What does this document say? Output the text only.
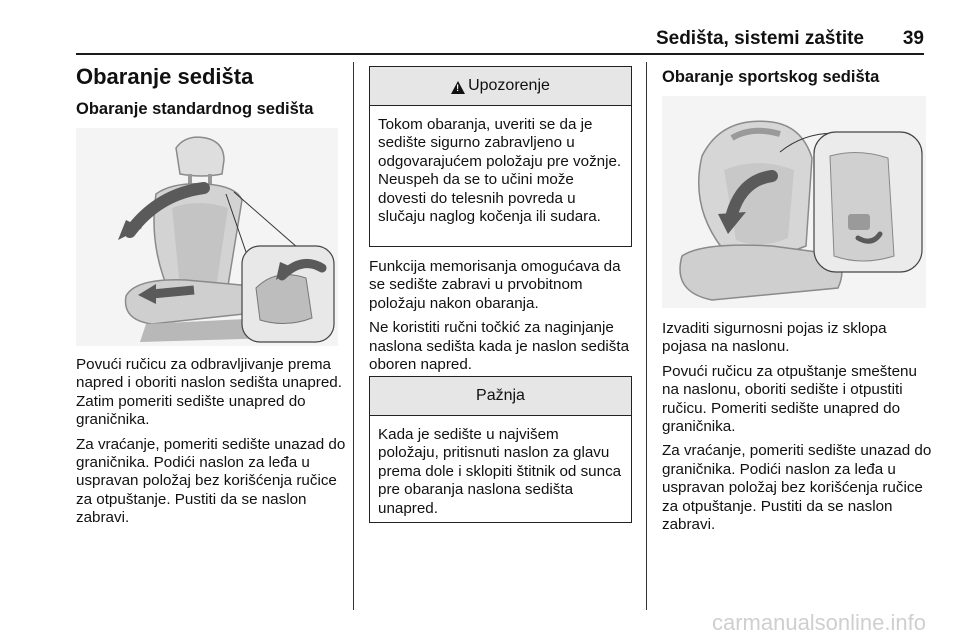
Sedišta, sistemi zaštite 39
Obaranje sedišta
Obaranje standardnog sedišta

Povući ručicu za odbravljivanje prema napred i oboriti naslon sedišta unapred. Zatim pomeriti sedište unapred do graničnika.

Za vraćanje, pomeriti sedište unazad do graničnika. Podići naslon za leđa u uspravan položaj bez korišćenja ručice za otpuštanje. Pustiti da se naslon zabravi.

! Upozorenje
Tokom obaranja, uveriti se da je sedište sigurno zabravljeno u odgovarajućem položaju pre vožnje. Neuspeh da se to učini može dovesti do telesnih povreda u slučaju naglog kočenja ili sudara.

Funkcija memorisanja omogućava da se sedište zabravi u prvobitnom položaju nakon obaranja.

Ne koristiti ručni točkić za naginjanje naslona sedišta kada je naslon sedišta oboren napred.

Pažnja
Kada je sedište u najvišem položaju, pritisnuti naslon za glavu prema dole i sklopiti štitnik od sunca pre obaranja naslona sedišta unapred.
Obaranje sportskog sedišta

Izvaditi sigurnosni pojas iz sklopa pojasa na naslonu.

Povući ručicu za otpuštanje smeštenu na naslonu, oboriti sedište i otpustiti ručicu. Pomeriti sedište unapred do graničnika.

Za vraćanje, pomeriti sedište unazad do graničnika. Podići naslon za leđa u uspravan položaj bez korišćenja ručice za otpuštanje. Pustiti da se naslon zabravi.

carmanualsonline.info
